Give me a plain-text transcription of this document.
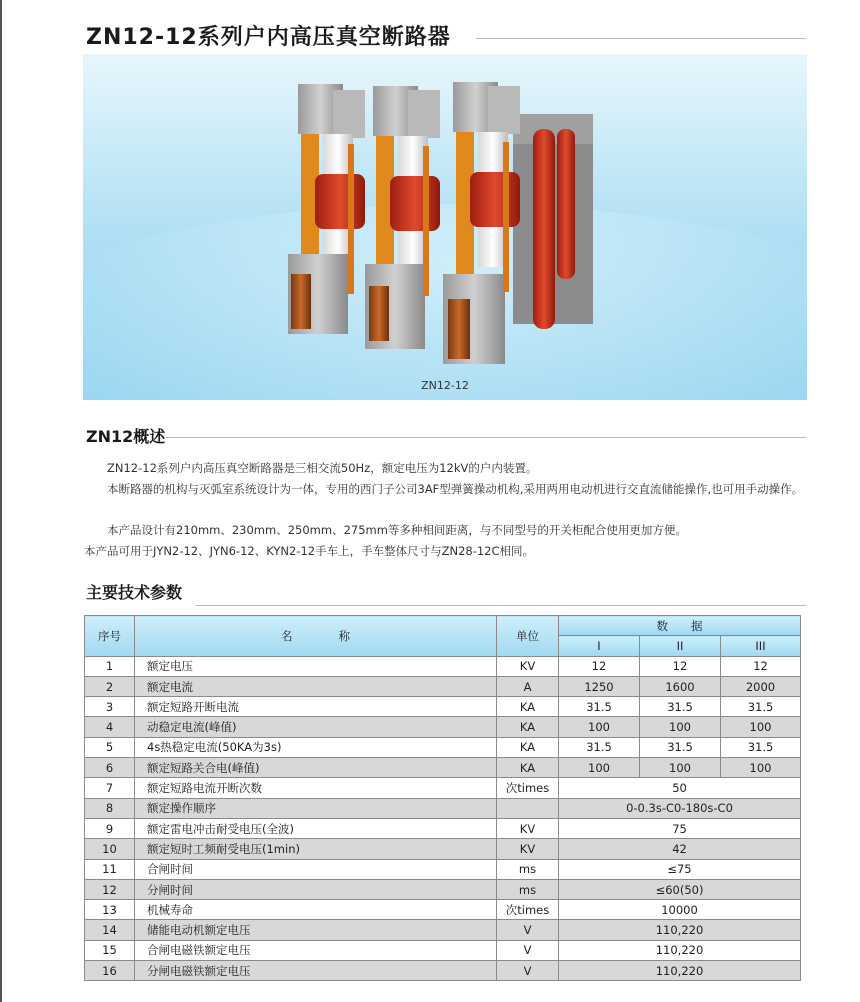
ZN12-12系列户内高压真空断路器
ZN12-12
ZN12概述

ZN12-12系列户内高压真空断路器是三相交流50Hz，额定电压为12kV的户内装置。

本断路器的机构与灭弧室系统设计为一体，专用的西门子公司3AF型弹簧操动机构,采用两用电动机进行交直流储能操作,也可用手动操作。

本产品设计有210mm、230mm、250mm、275mm等多种相间距离，与不同型号的开关柜配合使用更加方便。

本产品可用于JYN2-12、JYN6-12、KYN2-12手车上，手车整体尺寸与ZN28-12C相同。

主要技术参数
序号	名　　　　称	单位	数　　据		
			I	II	III
1	额定电压	KV	12	12	12
2	额定电流	A	1250	1600	2000
3	额定短路开断电流	KA	31.5	31.5	31.5
4	动稳定电流(峰值)	KA	100	100	100
5	4s热稳定电流(50KA为3s)	KA	31.5	31.5	31.5
6	额定短路关合电(峰值)	KA	100	100	100
7	额定短路电流开断次数	次times	50		
8	额定操作顺序		0-0.3s-C0-180s-C0		
9	额定雷电冲击耐受电压(全波)	KV	75		
10	额定短时工频耐受电压(1min)	KV	42		
11	合闸时间	ms	≤75		
12	分闸时间	ms	≤60(50)		
13	机械寿命	次times	10000		
14	储能电动机额定电压	V	110,220		
15	合闸电磁铁额定电压	V	110,220		
16	分闸电磁铁额定电压	V	110,220		
